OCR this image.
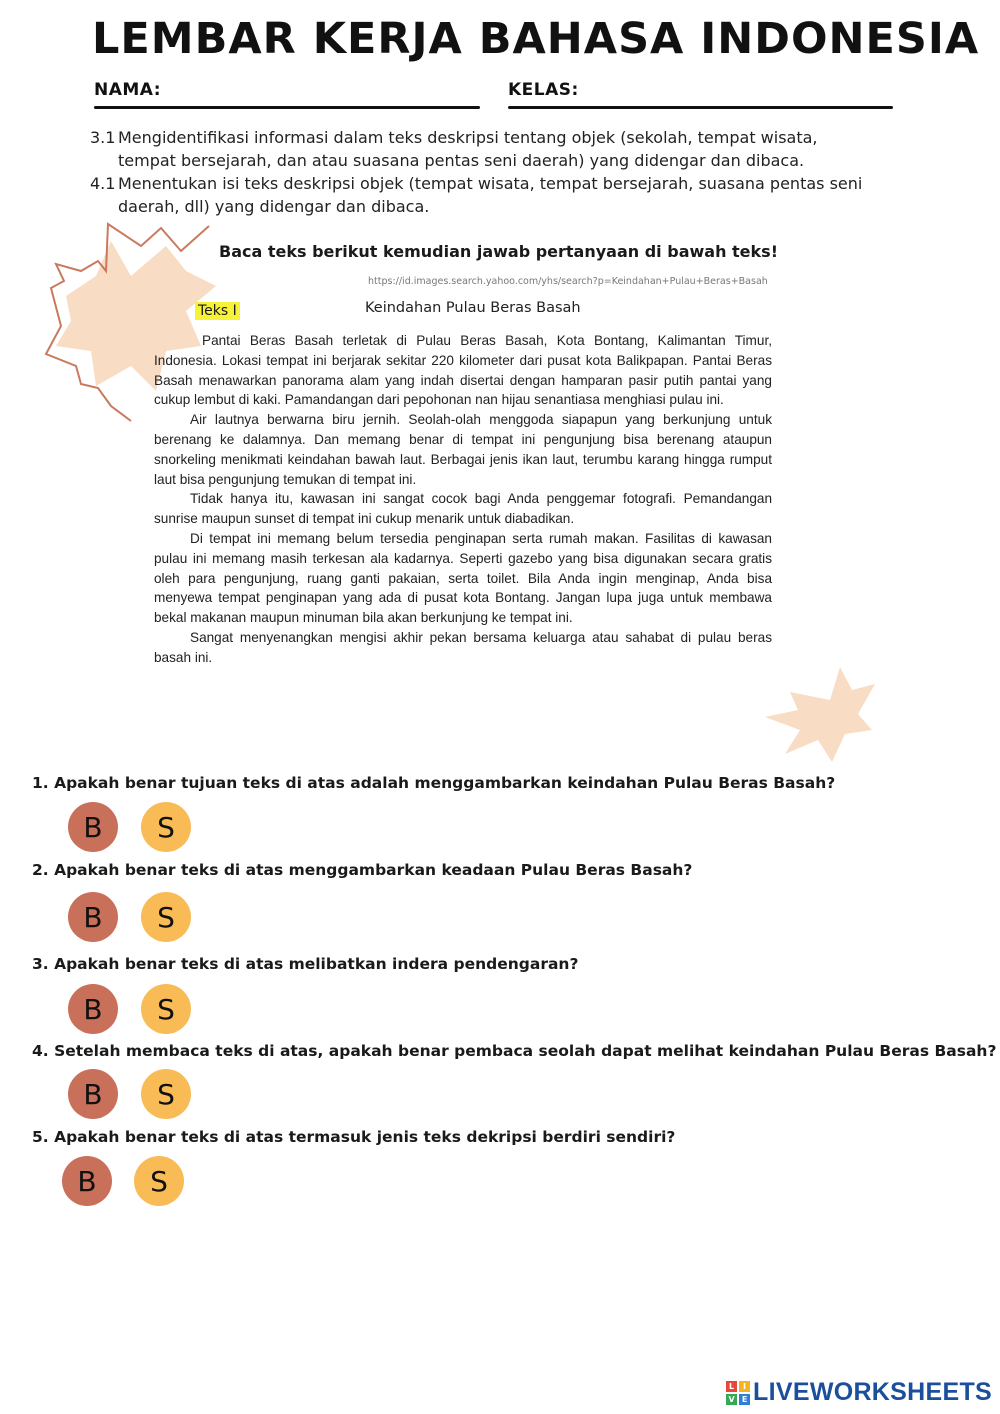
LEMBAR KERJA BAHASA INDONESIA
NAMA:	KELAS:
3.1 Mengidentifikasi informasi dalam teks deskripsi tentang objek (sekolah, tempat wisata, tempat bersejarah, dan atau suasana pentas seni daerah) yang didengar dan dibaca.
4.1 Menentukan isi teks deskripsi objek (tempat wisata, tempat bersejarah, suasana pentas seni daerah, dll) yang didengar dan dibaca.
Baca teks berikut kemudian jawab pertanyaan di bawah teks!
https://id.images.search.yahoo.com/yhs/search?p=Keindahan+Pulau+Beras+Basah
Teks I	Keindahan Pulau Beras Basah

Pantai Beras Basah terletak di Pulau Beras Basah, Kota Bontang, Kalimantan Timur, Indonesia. Lokasi tempat ini berjarak sekitar 220 kilometer dari pusat kota Balikpapan. Pantai Beras Basah menawarkan panorama alam yang indah disertai dengan hamparan pasir putih pantai yang cukup lembut di kaki. Pamandangan dari pepohonan nan hijau senantiasa menghiasi pulau ini.

Air lautnya berwarna biru jernih. Seolah-olah menggoda siapapun yang berkunjung untuk berenang ke dalamnya. Dan memang benar di tempat ini pengunjung bisa berenang ataupun snorkeling menikmati keindahan bawah laut. Berbagai jenis ikan laut, terumbu karang hingga rumput laut bisa pengunjung temukan di tempat ini.

Tidak hanya itu, kawasan ini sangat cocok bagi Anda penggemar fotografi. Pemandangan sunrise maupun sunset di tempat ini cukup menarik untuk diabadikan.

Di tempat ini memang belum tersedia penginapan serta rumah makan. Fasilitas di kawasan pulau ini memang masih terkesan ala kadarnya. Seperti gazebo yang bisa digunakan secara gratis oleh para pengunjung, ruang ganti pakaian, serta toilet. Bila Anda ingin menginap, Anda bisa menyewa tempat penginapan yang ada di pusat kota Bontang. Jangan lupa juga untuk membawa bekal makanan maupun minuman bila akan berkunjung ke tempat ini.

Sangat menyenangkan mengisi akhir pekan bersama keluarga atau sahabat di pulau beras basah ini.

1. Apakah benar tujuan teks di atas adalah menggambarkan keindahan Pulau Beras Basah?
B	S
2. Apakah benar teks di atas menggambarkan keadaan Pulau Beras Basah?
B	S
3. Apakah benar teks di atas melibatkan indera pendengaran?
B	S
4. Setelah membaca teks di atas, apakah benar pembaca seolah dapat melihat keindahan Pulau Beras Basah?
B	S
5. Apakah benar teks di atas termasuk jenis teks dekripsi berdiri sendiri?
B	S
L	I
V E LIVEWORKSHEETS
